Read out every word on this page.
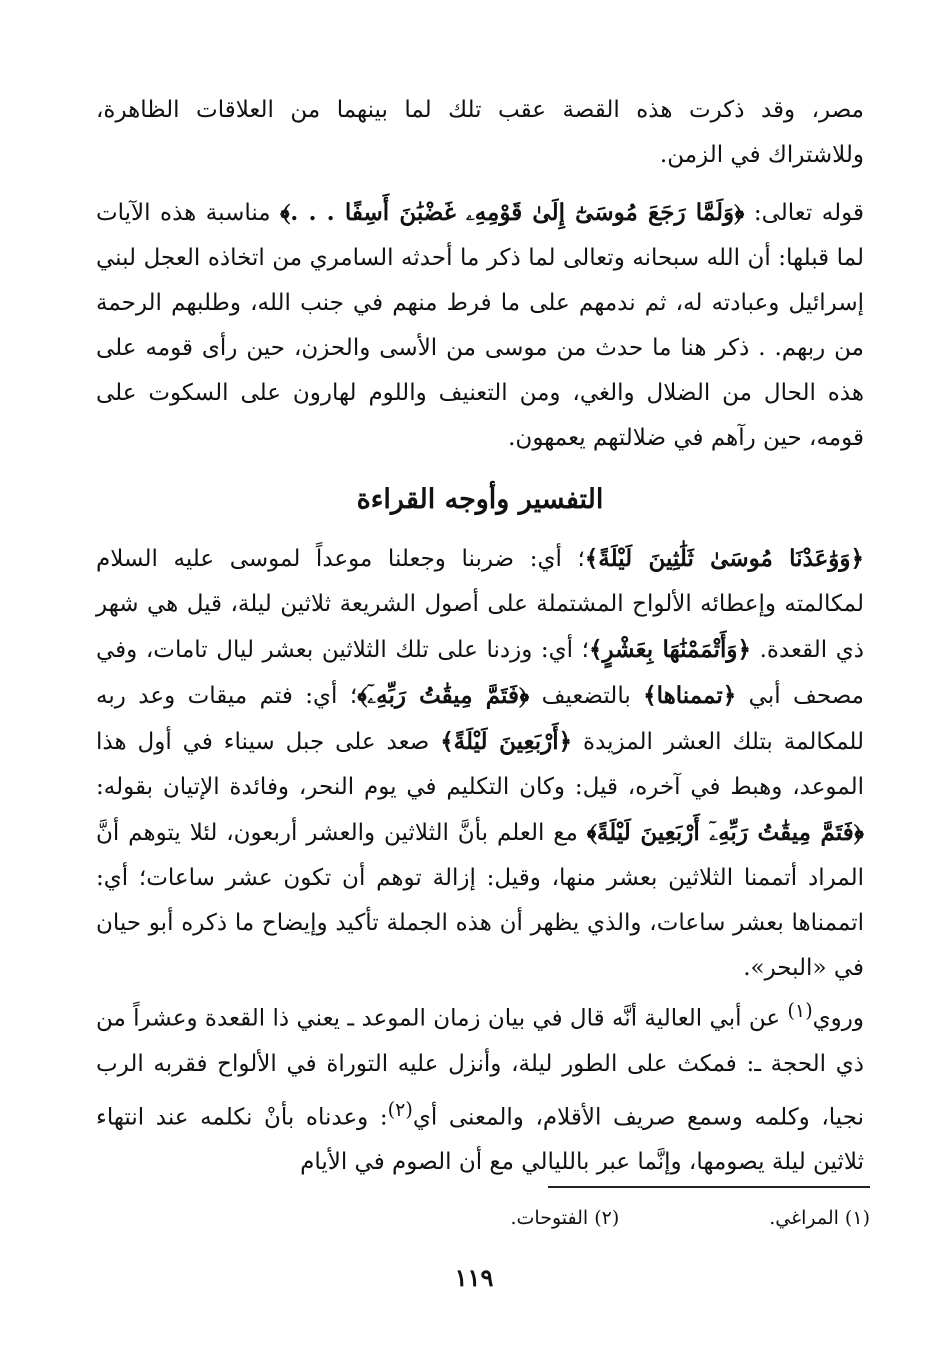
مصر، وقد ذكرت هذه القصة عقب تلك لما بينهما من العلاقات الظاهرة، وللاشتراك في الزمن.

قوله تعالى: ﴿وَلَمَّا رَجَعَ مُوسَىٰٓ إِلَىٰ قَوْمِهِۦ غَضْبَٰنَ أَسِفًا . . .﴾ مناسبة هذه الآيات لما قبلها: أن الله سبحانه وتعالى لما ذكر ما أحدثه السامري من اتخاذه العجل لبني إسرائيل وعبادته له، ثم ندمهم على ما فرط منهم في جنب الله، وطلبهم الرحمة من ربهم. . ذكر هنا ما حدث من موسى من الأسى والحزن، حين رأى قومه على هذه الحال من الضلال والغي، ومن التعنيف واللوم لهارون على السكوت على قومه، حين رآهم في ضلالتهم يعمهون.

التفسير وأوجه القراءة

﴿وَوَٰعَدْنَا مُوسَىٰ ثَلَٰثِينَ لَيْلَةً﴾؛ أي: ضربنا وجعلنا موعداً لموسى عليه السلام لمكالمته وإعطائه الألواح المشتملة على أصول الشريعة ثلاثين ليلة، قيل هي شهر ذي القعدة. ﴿وَأَتْمَمْنَٰهَا بِعَشْرٍ﴾؛ أي: وزدنا على تلك الثلاثين بعشر ليال تامات، وفي مصحف أبي ﴿تممناها﴾ بالتضعيف ﴿فَتَمَّ مِيقَٰتُ رَبِّهِۦٓ﴾؛ أي: فتم ميقات وعد ربه للمكالمة بتلك العشر المزيدة ﴿أَرْبَعِينَ لَيْلَةً﴾ صعد على جبل سيناء في أول هذا الموعد، وهبط في آخره، قيل: وكان التكليم في يوم النحر، وفائدة الإتيان بقوله: ﴿فَتَمَّ مِيقَٰتُ رَبِّهِۦٓ أَرْبَعِينَ لَيْلَةً﴾ مع العلم بأنَّ الثلاثين والعشر أربعون، لئلا يتوهم أنَّ المراد أتممنا الثلاثين بعشر منها، وقيل: إزالة توهم أن تكون عشر ساعات؛ أي: اتممناها بعشر ساعات، والذي يظهر أن هذه الجملة تأكيد وإيضاح ما ذكره أبو حيان في «البحر».

وروي$^{(١)}$ عن أبي العالية أنَّه قال في بيان زمان الموعد ـ يعني ذا القعدة وعشراً من ذي الحجة ـ: فمكث على الطور ليلة، وأنزل عليه التوراة في الألواح فقربه الرب نجيا، وكلمه وسمع صريف الأقلام، والمعنى أي$^{(٢)}$: وعدناه بأنْ نكلمه عند انتهاء ثلاثين ليلة يصومها، وإنَّما عبر بالليالي مع أن الصوم في الأيام

(١) المراغي.
(٢) الفتوحات.
١١٩
